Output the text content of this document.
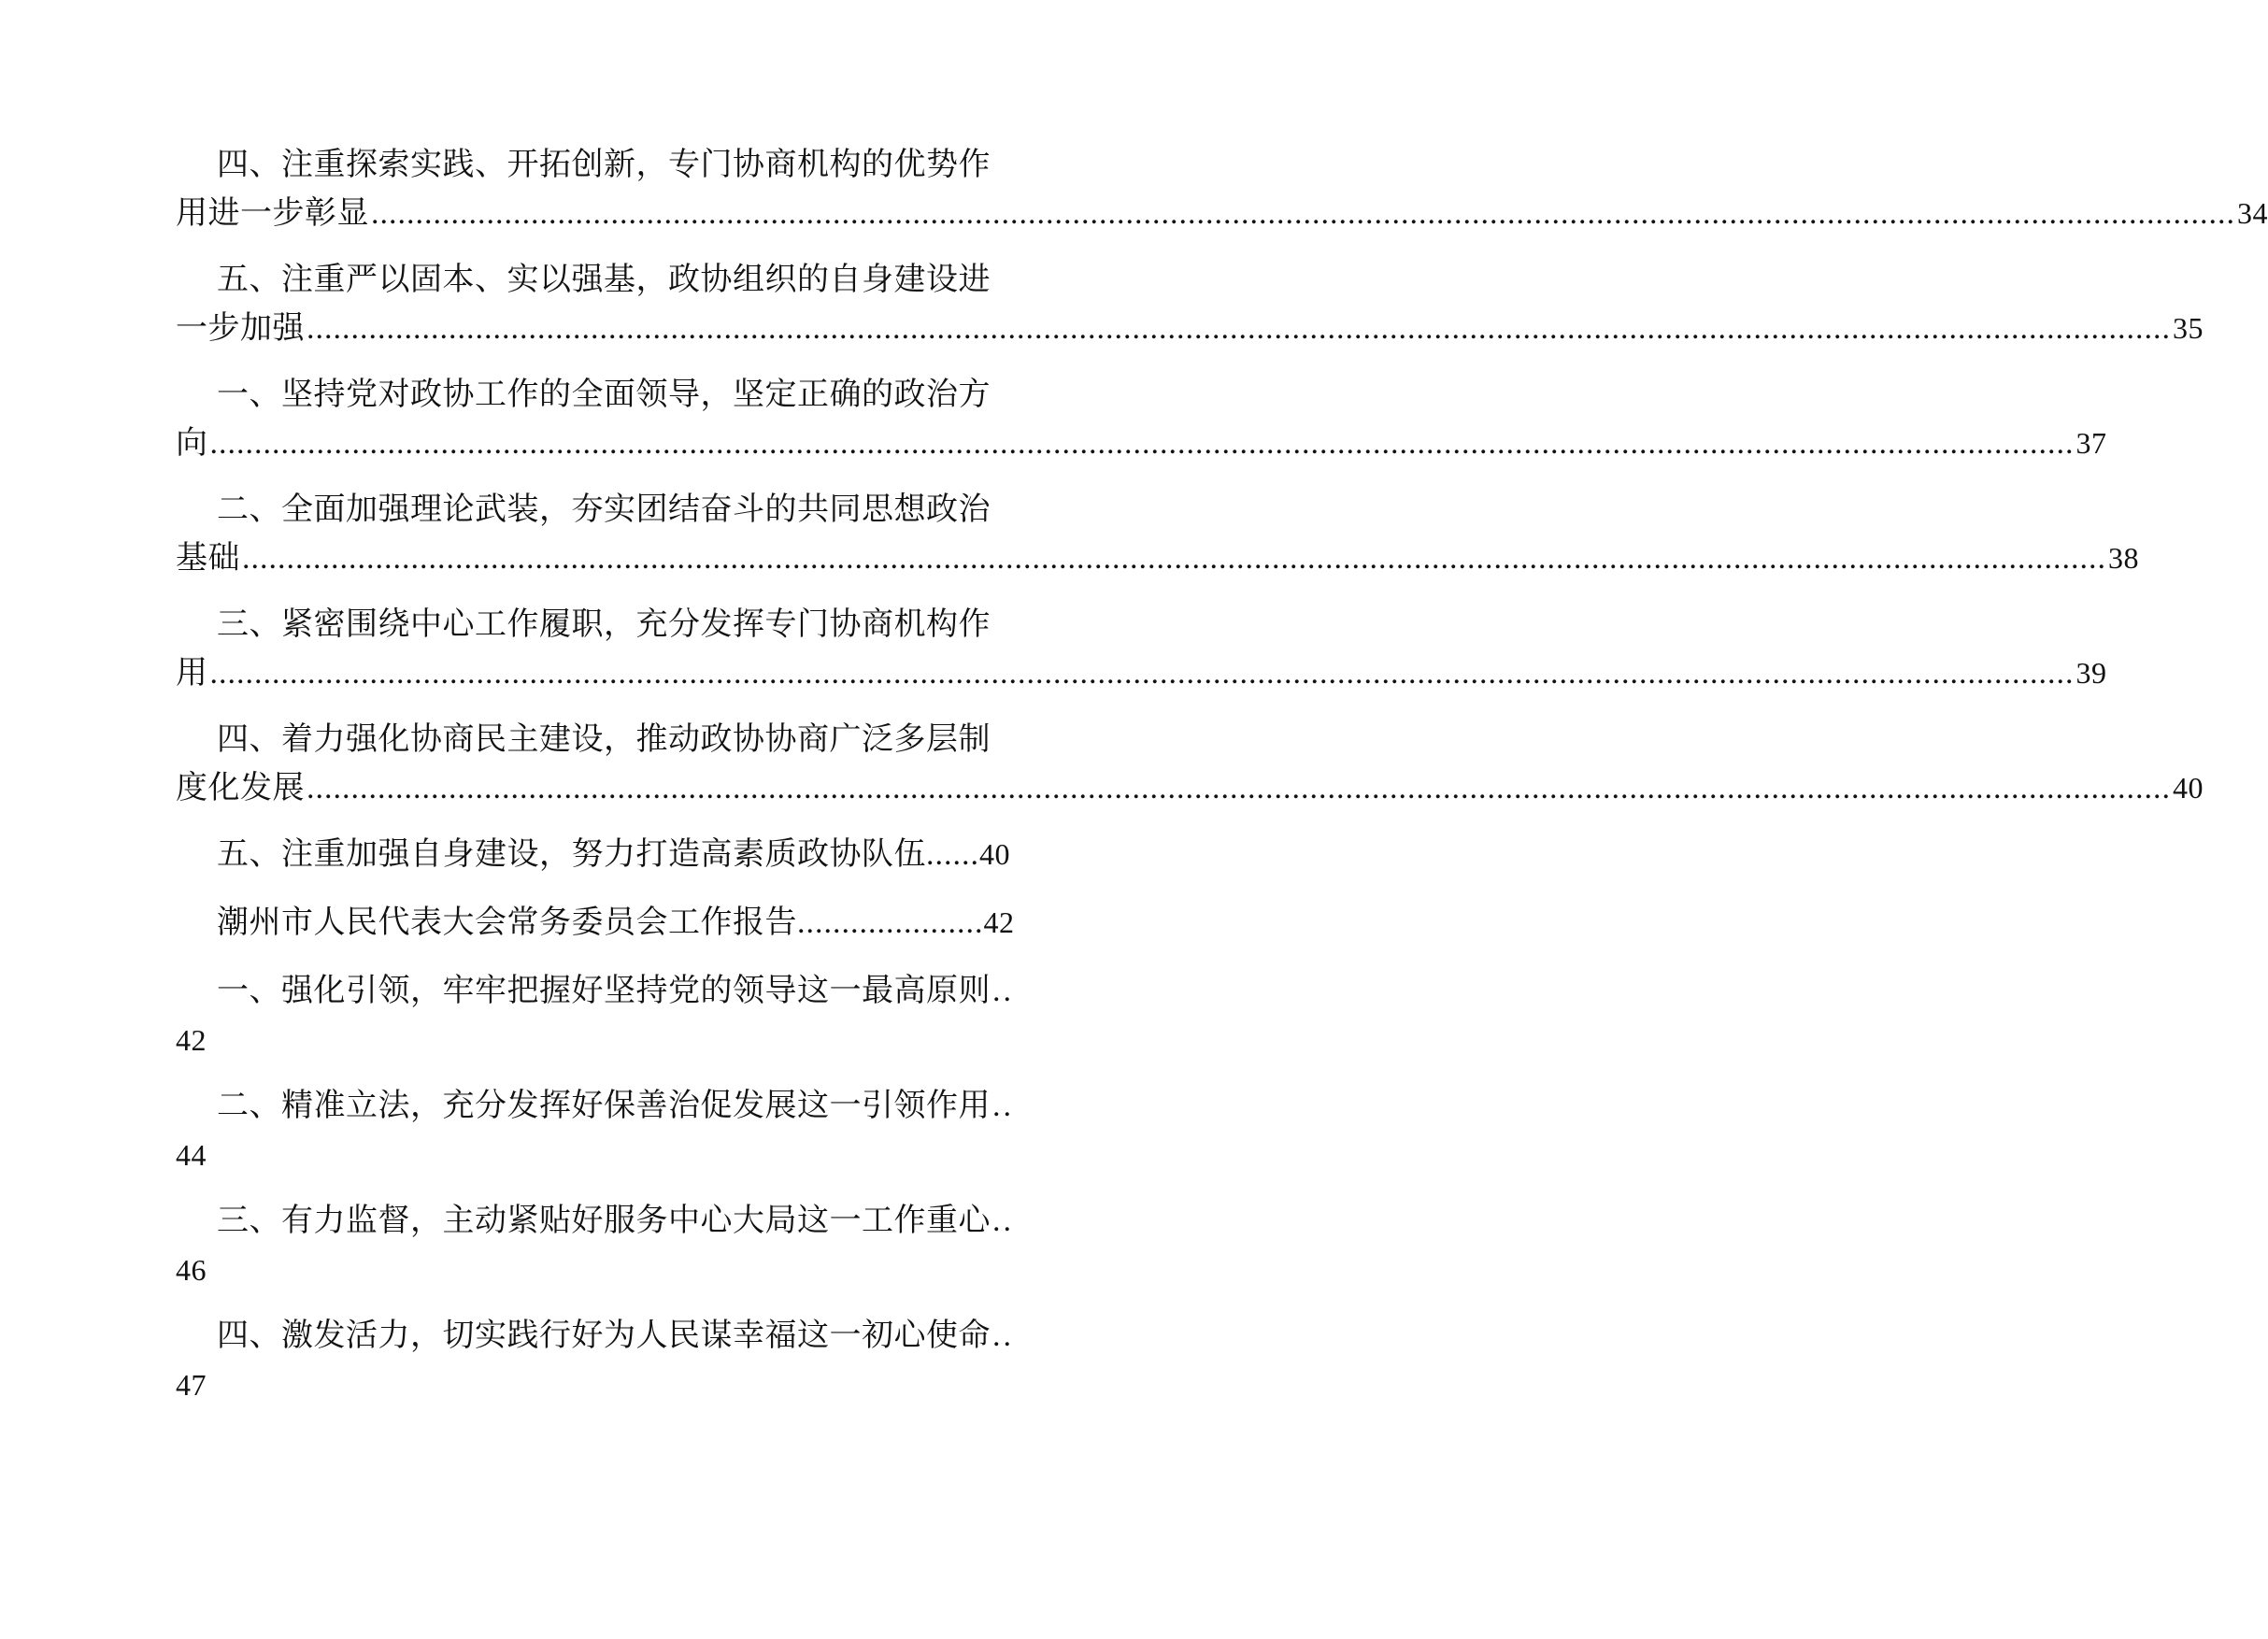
四、注重探索实践、开拓创新，专门协商机构的优势作
用进一步彰显 .....	34
五、注重严以固本、实以强基，政协组织的自身建设进
一步加强 .....	35
一、坚持党对政协工作的全面领导，坚定正确的政治方
向 .....	37
二、全面加强理论武装，夯实团结奋斗的共同思想政治
基础 .....	38
三、紧密围绕中心工作履职，充分发挥专门协商机构作
用 .....	39
四、着力强化协商民主建设，推动政协协商广泛多层制
度化发展 .....	40
五、注重加强自身建设，努力打造高素质政协队伍 ...... 40
潮州市人民代表大会常务委员会工作报告 ..................... 42
一、强化引领，牢牢把握好坚持党的领导这一最高原则 ..
42
二、精准立法，充分发挥好保善治促发展这一引领作用 ..
44
三、有力监督，主动紧贴好服务中心大局这一工作重心 ..
46
四、激发活力，切实践行好为人民谋幸福这一初心使命 ..
47
